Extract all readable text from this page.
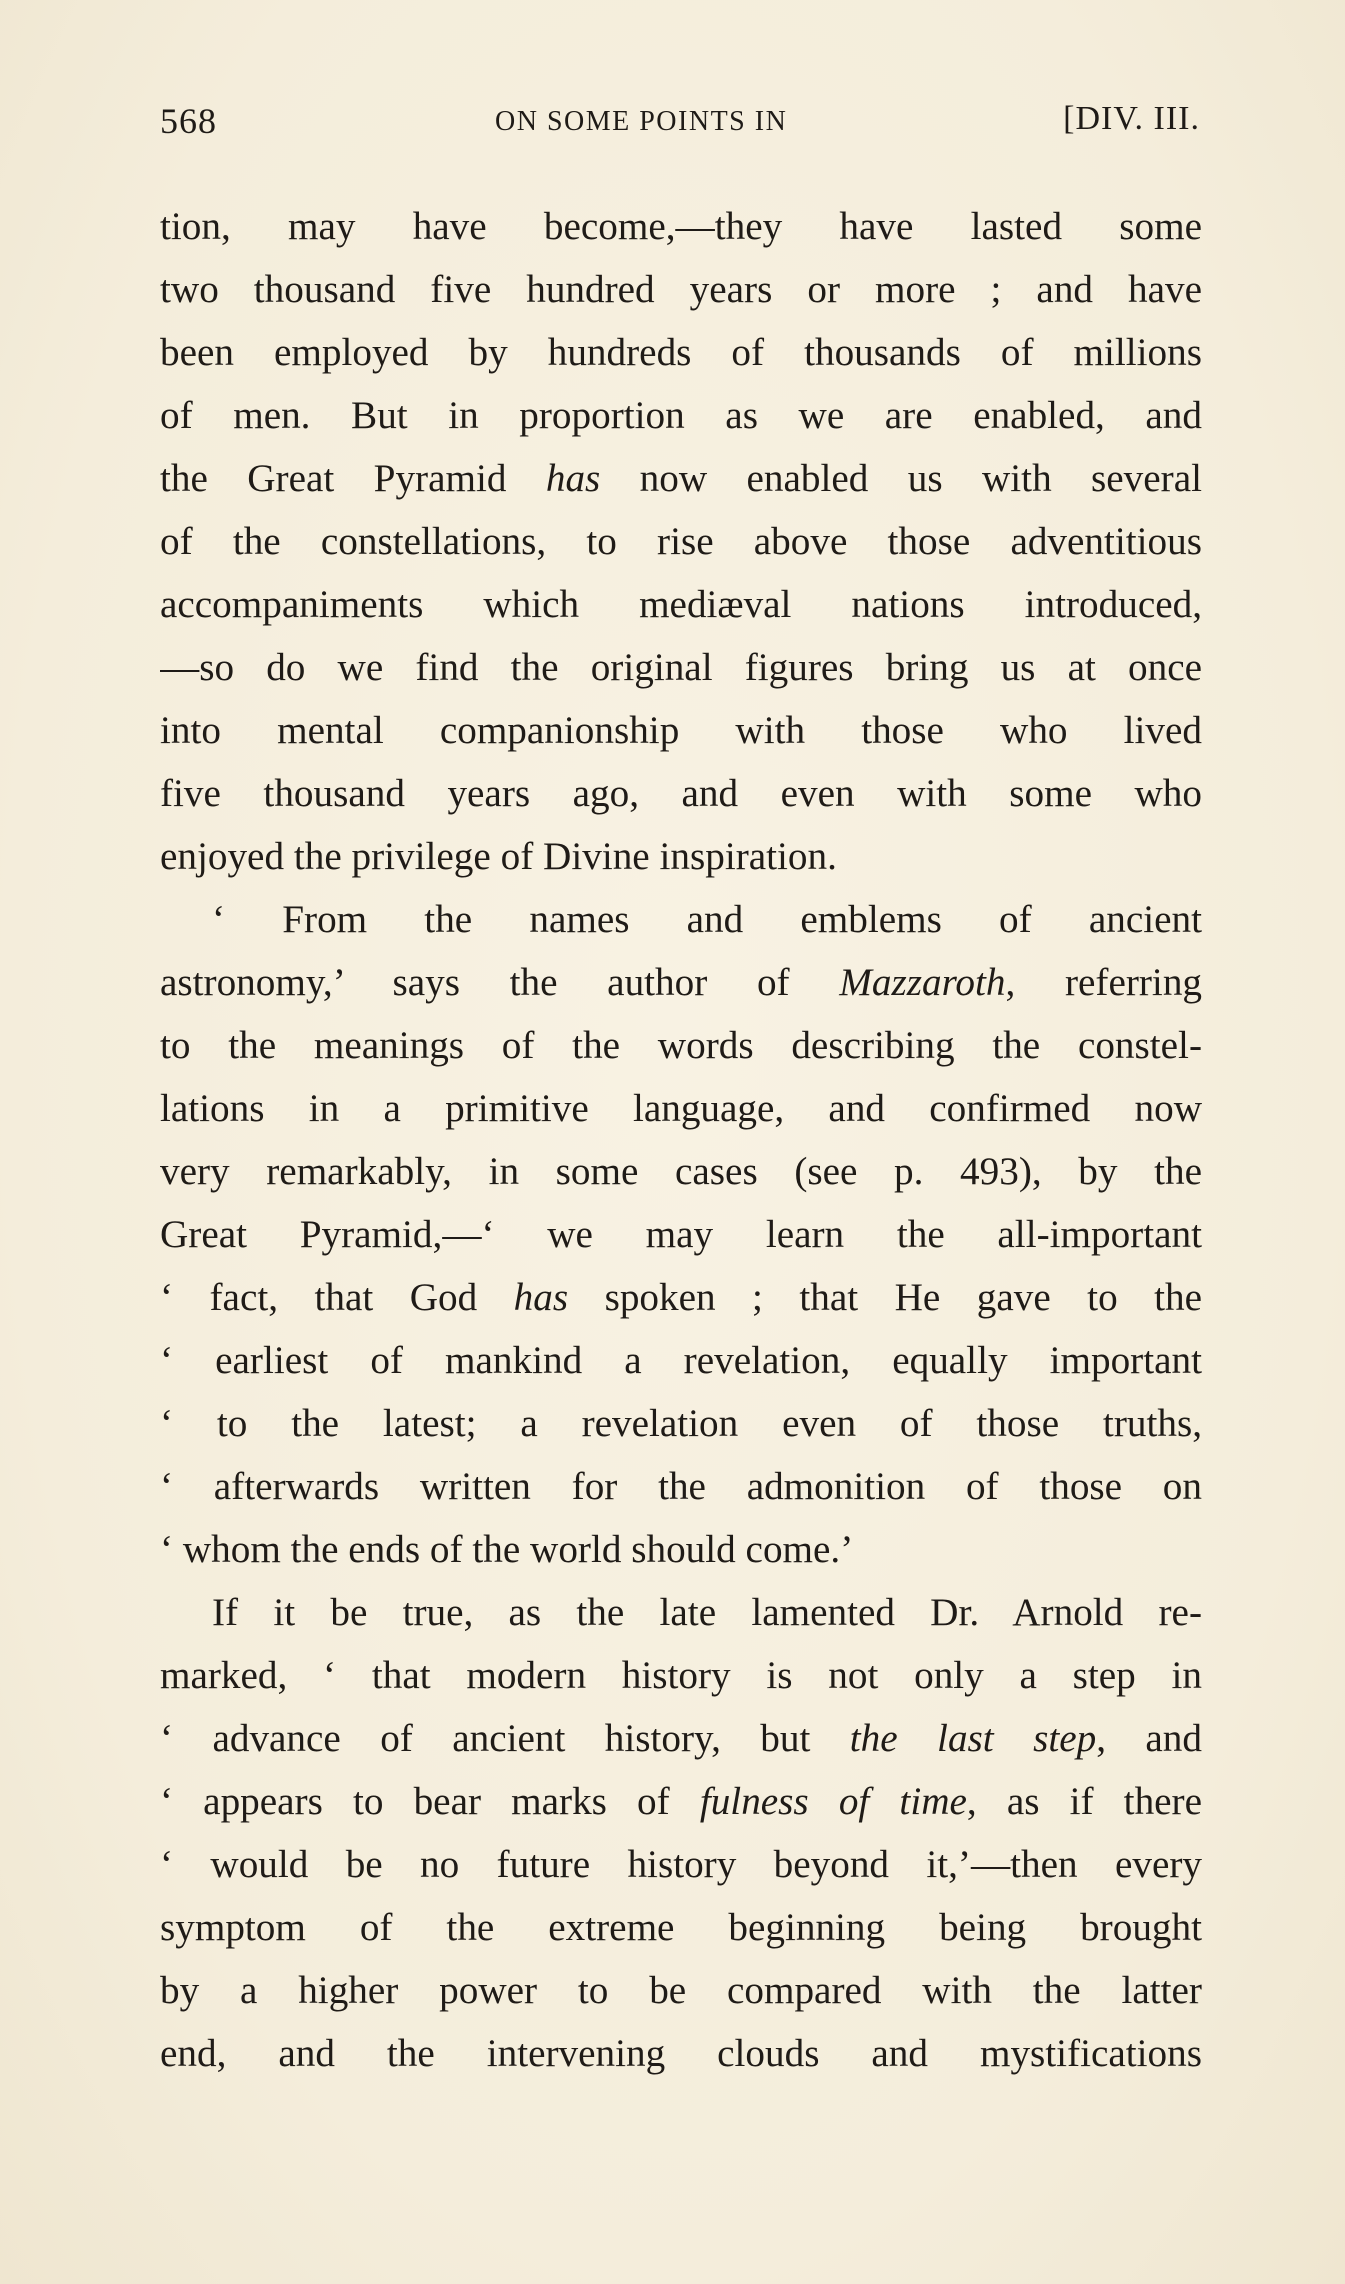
568	ON SOME POINTS IN	[DIV. III.
tion, may have become,—they have lasted some
two thousand five hundred years or more ; and have
been employed by hundreds of thousands of millions
of men. But in proportion as we are enabled, and
the Great Pyramid has now enabled us with several
of the constellations, to rise above those adventitious
accompaniments which mediæval nations introduced,
—so do we find the original figures bring us at once
into mental companionship with those who lived
five thousand years ago, and even with some who
enjoyed the privilege of Divine inspiration.
‘ From the names and emblems of ancient
astronomy,’ says the author of Mazzaroth, referring
to the meanings of the words describing the constel-
lations in a primitive language, and confirmed now
very remarkably, in some cases (see p. 493), by the
Great Pyramid,—‘ we may learn the all-important
‘ fact, that God has spoken ; that He gave to the
‘ earliest of mankind a revelation, equally important
‘ to the latest; a revelation even of those truths,
‘ afterwards written for the admonition of those on
‘ whom the ends of the world should come.’
If it be true, as the late lamented Dr. Arnold re-
marked, ‘ that modern history is not only a step in
‘ advance of ancient history, but the last step, and
‘ appears to bear marks of fulness of time, as if there
‘ would be no future history beyond it,’—then every
symptom of the extreme beginning being brought
by a higher power to be compared with the latter
end, and the intervening clouds and mystifications
